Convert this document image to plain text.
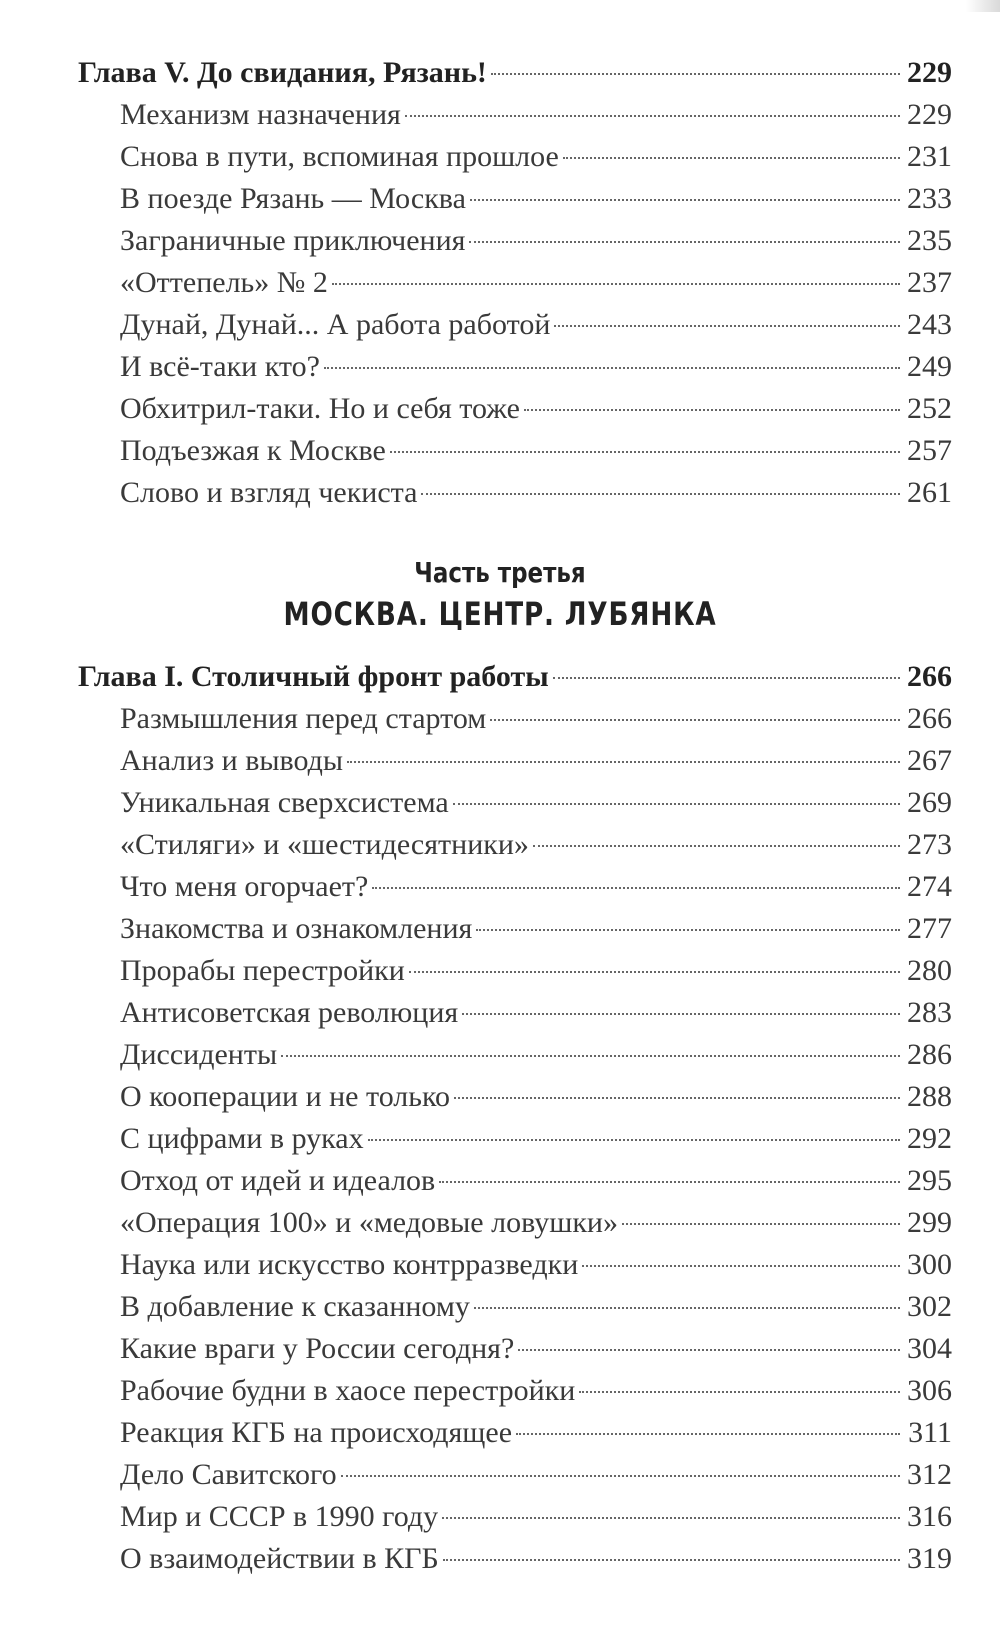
Глава V. До свидания, Рязань!	229
Механизм назначения	229
Снова в пути, вспоминая прошлое	231
В поезде Рязань — Москва	233
Заграничные приключения	235
«Оттепель» № 2	237
Дунай, Дунай... А работа работой	243
И всё-таки кто?	249
Обхитрил-таки. Но и себя тоже	252
Подъезжая к Москве	257
Слово и взгляд чекиста	261
Часть третья
МОСКВА. ЦЕНТР. ЛУБЯНКА
Глава I. Столичный фронт работы	266
Размышления перед стартом	266
Анализ и выводы	267
Уникальная сверхсистема	269
«Стиляги» и «шестидесятники»	273
Что меня огорчает?	274
Знакомства и ознакомления	277
Прорабы перестройки	280
Антисоветская революция	283
Диссиденты	286
О кооперации и не только	288
С цифрами в руках	292
Отход от идей и идеалов	295
«Операция 100» и «медовые ловушки»	299
Наука или искусство контрразведки	300
В добавление к сказанному	302
Какие враги у России сегодня?	304
Рабочие будни в хаосе перестройки	306
Реакция КГБ на происходящее	311
Дело Савитского	312
Мир и СССР в 1990 году	316
О взаимодействии в КГБ	319
